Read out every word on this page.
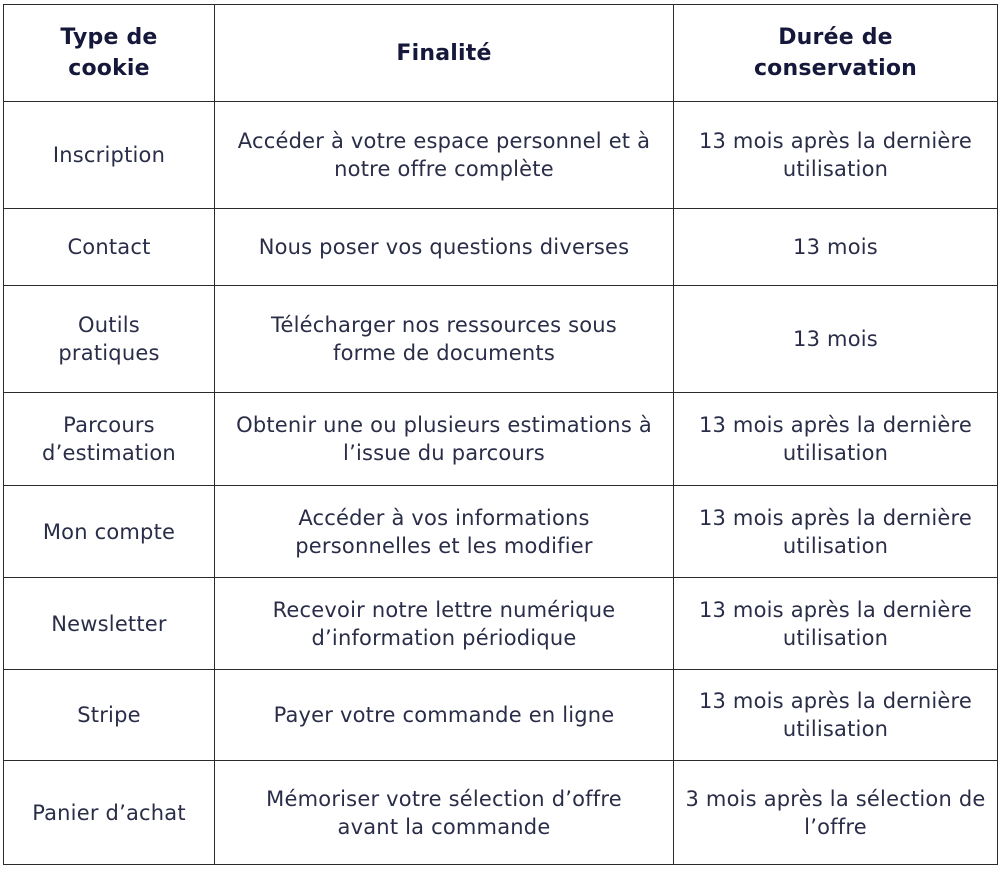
Type de cookie	Finalité	Durée de conservation
Inscription	Accéder à votre espace personnel et à notre offre complète	13 mois après la dernière utilisation
Contact	Nous poser vos questions diverses	13 mois
Outils pratiques	Télécharger nos ressources sous forme de documents	13 mois
Parcours d’estimation	Obtenir une ou plusieurs estimations à l’issue du parcours	13 mois après la dernière utilisation
Mon compte	Accéder à vos informations personnelles et les modifier	13 mois après la dernière utilisation
Newsletter	Recevoir notre lettre numérique d’information périodique	13 mois après la dernière utilisation
Stripe	Payer votre commande en ligne	13 mois après la dernière utilisation
Panier d’achat	Mémoriser votre sélection d’offre avant la commande	3 mois après la sélection de l’offre
